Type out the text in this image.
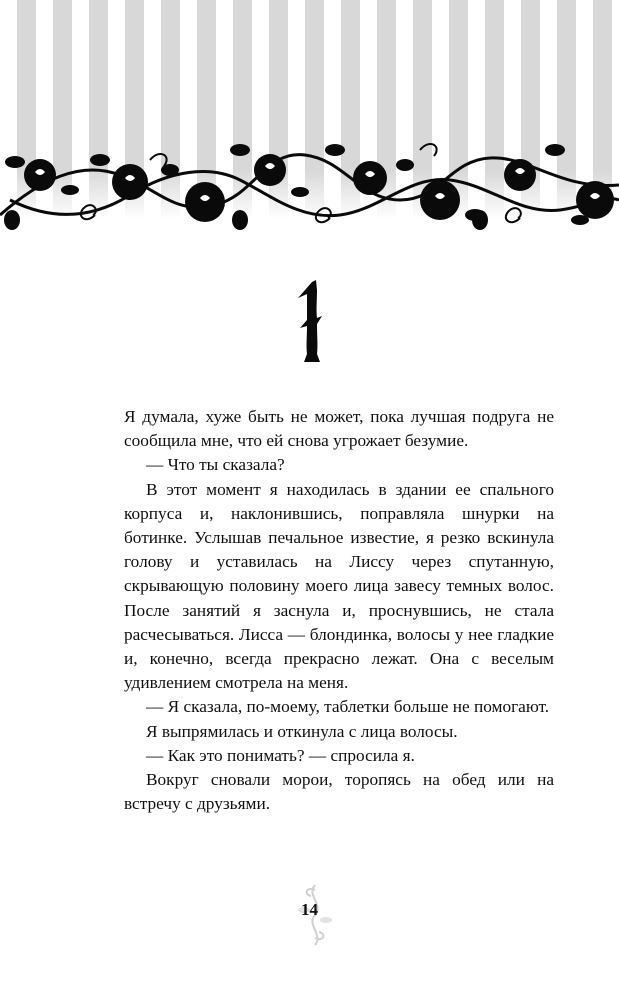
Я думала, хуже быть не может, пока лучшая подруга не сообщила мне, что ей снова угрожает безумие.

— Что ты сказала?

В этот момент я находилась в здании ее спального корпуса и, наклонившись, поправляла шнурки на ботинке. Услышав печальное известие, я резко вскинула голову и уставилась на Лиссу через спутанную, скрывающую половину моего лица завесу темных волос. После занятий я заснула и, проснувшись, не стала расчесываться. Лисса — блондинка, волосы у нее гладкие и, конечно, всегда прекрасно лежат. Она с веселым удивлением смотрела на меня.

— Я сказала, по-моему, таблетки больше не помогают.

Я выпрямилась и откинула с лица волосы.

— Как это понимать? — спросила я.

Вокруг сновали морои, торопясь на обед или на встречу с друзьями.

14
